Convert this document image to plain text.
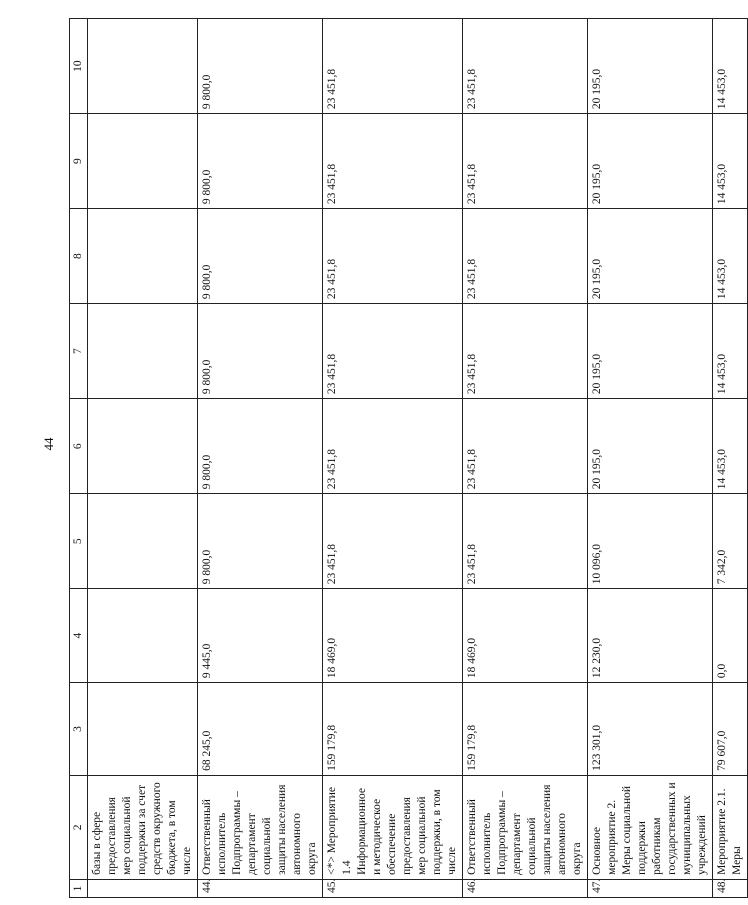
44
1	2	3	4	5	6	7	8	9	10
	базы в сфере предоставления мер социальной поддержки за счет средств окружного бюджета, в том числе								
44.	Ответственный исполнитель Подпрограммы – департамент социальной защиты населения автономного округа	68 245,0	9 445,0	9 800,0	9 800,0	9 800,0	9 800,0	9 800,0	9 800,0
45.	<*> Мероприятие 1.4 Информационное и методическое обеспечение предоставления мер социальной поддержки, в том числе	159 179,8	18 469,0	23 451,8	23 451,8	23 451,8	23 451,8	23 451,8	23 451,8
46.	Ответственный исполнитель Подпрограммы – департамент социальной защиты населения автономного округа	159 179,8	18 469,0	23 451,8	23 451,8	23 451,8	23 451,8	23 451,8	23 451,8
47.	Основное мероприятие 2. Меры социальной поддержки работникам государственных и муниципальных учреждений	123 301,0	12 230,0	10 096,0	20 195,0	20 195,0	20 195,0	20 195,0	20 195,0
48.	Мероприятие 2.1. Меры	79 607,0	0,0	7 342,0	14 453,0	14 453,0	14 453,0	14 453,0	14 453,0
